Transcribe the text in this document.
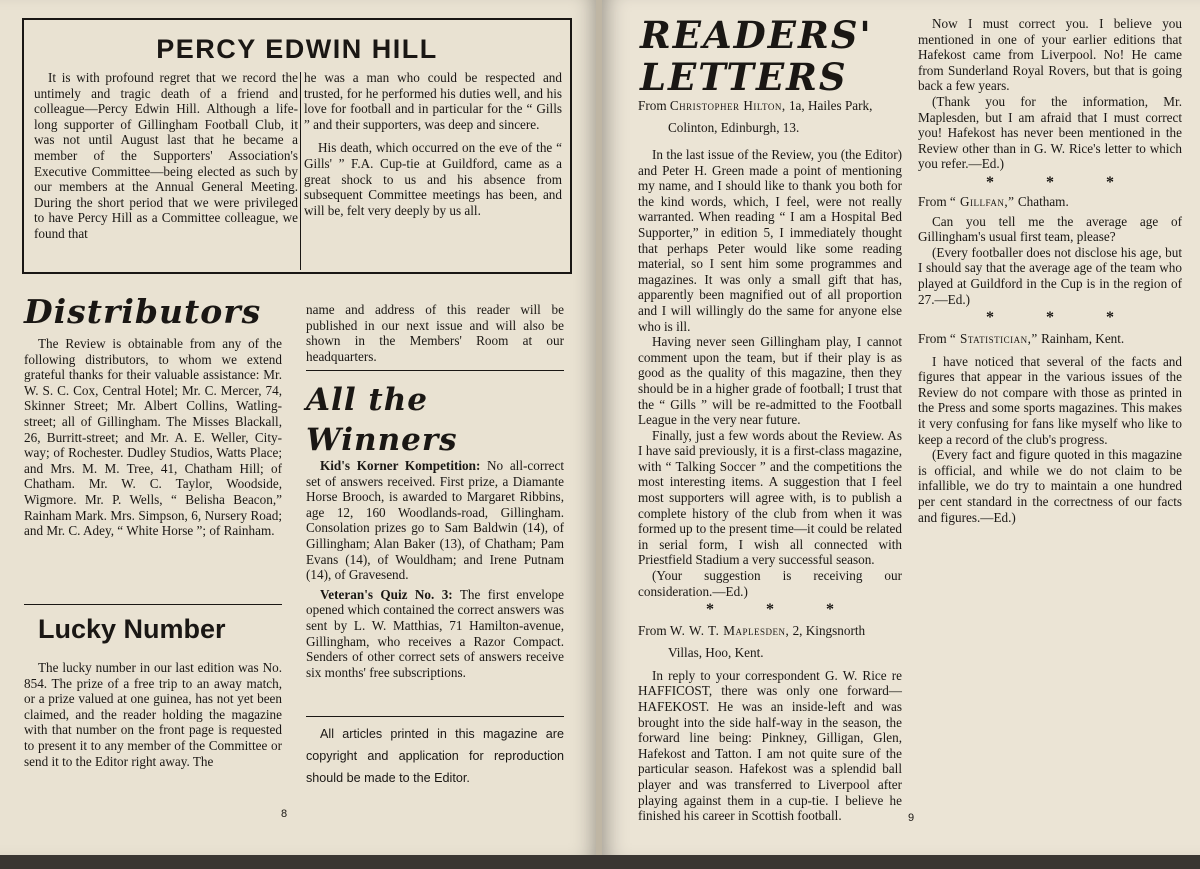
PERCY EDWIN HILL

It is with profound regret that we record the untimely and tragic death of a friend and colleague—Percy Edwin Hill. Although a life-long supporter of Gillingham Football Club, it was not until August last that he became a member of the Supporters' Association's Executive Committee—being elected as such by our members at the Annual General Meeting. During the short period that we were privileged to have Percy Hill as a Committee colleague, we found that

he was a man who could be respected and trusted, for he performed his duties well, and his love for football and in particular for the “ Gills ” and their supporters, was deep and sincere.

His death, which occurred on the eve of the “ Gills' ” F.A. Cup-tie at Guildford, came as a great shock to us and his absence from subsequent Committee meetings has been, and will be, felt very deeply by us all.

Distributors

The Review is obtainable from any of the following distributors, to whom we extend grateful thanks for their valuable assistance: Mr. W. S. C. Cox, Central Hotel; Mr. C. Mercer, 74, Skinner Street; Mr. Albert Collins, Watling-street; all of Gillingham. The Misses Blackall, 26, Burritt-street; and Mr. A. E. Weller, City-way; of Rochester. Dudley Studios, Watts Place; and Mrs. M. M. Tree, 41, Chatham Hill; of Chatham. Mr. W. C. Taylor, Woodside, Wigmore. Mr. P. Wells, “ Belisha Beacon,” Rainham Mark. Mrs. Simpson, 6, Nursery Road; and Mr. C. Adey, “ White Horse ”; of Rainham.

Lucky Number

The lucky number in our last edition was No. 854. The prize of a free trip to an away match, or a prize valued at one guinea, has not yet been claimed, and the reader holding the magazine with that number on the front page is requested to present it to any member of the Committee or send it to the Editor right away. The

name and address of this reader will be published in our next issue and will also be shown in the Members' Room at our headquarters.

All the
Winners

Kid's Korner Kompetition: No all-correct set of answers received. First prize, a Diamante Horse Brooch, is awarded to Margaret Ribbins, age 12, 160 Woodlands-road, Gillingham. Consolation prizes go to Sam Baldwin (14), of Gillingham; Alan Baker (13), of Chatham; Pam Evans (14), of Wouldham; and Irene Putnam (14), of Gravesend.

Veteran's Quiz No. 3: The first envelope opened which contained the correct answers was sent by L. W. Matthias, 71 Hamilton-avenue, Gillingham, who receives a Razor Compact. Senders of other correct sets of answers receive six months' free subscriptions.

All articles printed in this magazine are copyright and application for reproduction should be made to the Editor.

8
READERS'
LETTERS

From Christopher Hilton, 1a, Hailes Park, Colinton, Edinburgh, 13.

In the last issue of the Review, you (the Editor) and Peter H. Green made a point of mentioning my name, and I should like to thank you both for the kind words, which, I feel, were not really warranted. When reading “ I am a Hospital Bed Supporter,” in edition 5, I immediately thought that perhaps Peter would like some reading material, so I sent him some programmes and magazines. It was only a small gift that has, apparently been magnified out of all proportion and I will willingly do the same for anyone else who is ill.

Having never seen Gillingham play, I cannot comment upon the team, but if their play is as good as the quality of this magazine, then they should be in a higher grade of football; I trust that the “ Gills ” will be re-admitted to the Football League in the very near future.

Finally, just a few words about the Review. As I have said previously, it is a first-class magazine, with “ Talking Soccer ” and the competitions the most interesting items. A suggestion that I feel most supporters will agree with, is to publish a complete history of the club from when it was formed up to the present time—it could be related in serial form, I wish all connected with Priestfield Stadium a very successful season.

(Your suggestion is receiving our consideration.—Ed.)

* * *

From W. W. T. Maplesden, 2, Kingsnorth Villas, Hoo, Kent.

In reply to your correspondent G. W. Rice re HAFFICOST, there was only one forward—HAFEKOST. He was an inside-left and was brought into the side half-way in the season, the forward line being: Pinkney, Gilligan, Glen, Hafekost and Tatton. I am not quite sure of the particular season. Hafekost was a splendid ball player and was transferred to Liverpool after playing against them in a cup-tie. I believe he finished his career in Scottish football.

Now I must correct you. I believe you mentioned in one of your earlier editions that Hafekost came from Liverpool. No! He came from Sunderland Royal Rovers, but that is going back a few years.

(Thank you for the information, Mr. Maplesden, but I am afraid that I must correct you! Hafekost has never been mentioned in the Review other than in G. W. Rice's letter to which you refer.—Ed.)

* * *

From “ Gillfan,” Chatham.

Can you tell me the average age of Gillingham's usual first team, please?

(Every footballer does not disclose his age, but I should say that the average age of the team who played at Guildford in the Cup is in the region of 27.—Ed.)

* * *

From “ Statistician,” Rainham, Kent.

I have noticed that several of the facts and figures that appear in the various issues of the Review do not compare with those as printed in the Press and some sports magazines. This makes it very confusing for fans like myself who like to keep a record of the club's progress.

(Every fact and figure quoted in this magazine is official, and while we do not claim to be infallible, we do try to maintain a one hundred per cent standard in the correctness of our facts and figures.—Ed.)

9
